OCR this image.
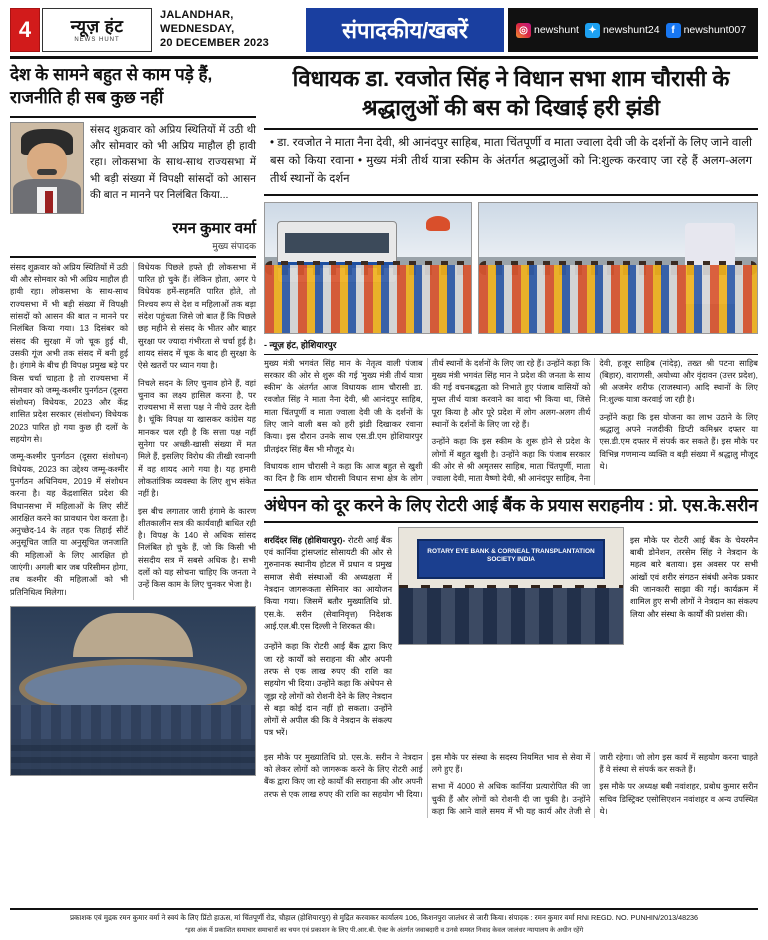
4	न्यूज़ हंट
NEWS HUNT
JALANDHAR, WEDNESDAY,
20 DECEMBER 2023	संपादकीय/खबरें	◎ newshunt ✦ newshunt24	f newshunt007
देश के सामने बहुत से काम पड़े हैं, राजनीति ही सब कुछ नहीं
संसद शुक्रवार को अप्रिय स्थितियों में उठी थी और सोमवार को भी अप्रिय माहौल ही हावी रहा। लोकसभा के साथ-साथ राज्यसभा में भी बड़ी संख्या में विपक्षी सांसदों को आसन की बात न मानने पर निलंबित किया...
रमन कुमार वर्मा
मुख्य संपादक

संसद शुक्रवार को अप्रिय स्थितियों में उठी थी और सोमवार को भी अप्रिय माहौल ही हावी रहा। लोकसभा के साथ-साथ राज्यसभा में भी बड़ी संख्या में विपक्षी सांसदों को आसन की बात न मानने पर निलंबित किया गया। 13 दिसंबर को संसद की सुरक्षा में जो चूक हुई थी, उसकी गूंज अभी तक संसद में बनी हुई है। हंगामे के बीच ही विपक्ष प्रमुख बड़े पर किस चर्चा चाहता है तो राज्यसभा में सोमवार को जम्मू-कश्मीर पुनर्गठन (दूसरा संशोधन) विधेयक, 2023 और केंद्र शासित प्रदेश सरकार (संशोधन) विधेयक 2023 पारित हो गया कुछ ही दलों के सहयोग से।

जम्मू-कश्मीर पुनर्गठन (दूसरा संशोधन) विधेयक, 2023 का उद्देश्य जम्मू-कश्मीर पुनर्गठन अधिनियम, 2019 में संशोधन करना है। यह केंद्रशासित प्रदेश की विधानसभा में महिलाओं के लिए सीटें आरक्षित करने का प्रावधान पेश करता है। अनुच्छेद-14 के तहत एक तिहाई सीटें अनुसूचित जाति या अनुसूचित जनजाति की महिलाओं के लिए आरक्षित हो जाएंगी। अगली बार जब परिसीमन होगा, तब कश्मीर की महिलाओं को भी प्रतिनिधित्व मिलेगा।

विधेयक पिछले हफ्ते ही लोकसभा में पारित हो चुके हैं। लेकिन होता, अगर पे विधेयक हमें-सहमति पारित होते, तो निश्चय रूप से देश व महिलाओं तक बड़ा संदेश पहुंचता जिसे जो बात हैं कि पिछले छह महीने से संसद के भीतर और बाहर सुरक्षा पर ज्यादा गंभीरता से चर्चा हुई है। शायद संसद में चूक के बाद ही सुरक्षा के ऐसे खतरों पर ध्यान गया है।

निचले सदन के लिए चुनाव होने हैं, वहां चुनाव का लक्ष्य हासिल करना है, पर राज्यसभा में सत्ता पक्ष ने नीचे उतर देती है। चूंकि विपक्ष या खासकर कांग्रेस यह मानकर चल रही है कि सत्ता पक्ष नहीं सुनेगा पर अच्छी-खासी संख्या में मत मिले हैं, इसलिए विरोध की तीखी रवानगी में वह शायद आगे गया है। यह हमारी लोकतांत्रिक व्यवस्था के लिए शुभ संकेत नहीं है।

इस बीच लगातार जारी हंगामे के कारण शीतकालीन सत्र की कार्यवाही बाधित रही है। विपक्ष के 140 से अधिक सांसद निलंबित हो चुके हैं, जो कि किसी भी संसदीय सत्र में सबसे अधिक है। सभी दलों को यह सोचना चाहिए कि जनता ने उन्हें किस काम के लिए चुनकर भेजा है।

विधायक डा. रवजोत सिंह ने विधान सभा शाम चौरासी के श्रद्धालुओं की बस को दिखाई हरी झंडी
• डा. रवजोत ने माता नैना देवी, श्री आनंदपुर साहिब, माता चिंतपूर्णी व माता ज्वाला देवी जी के दर्शनों के लिए जाने वाली बस को किया रवाना • मुख्य मंत्री तीर्थ यात्रा स्कीम के अंतर्गत श्रद्धालुओं को नि:शुल्क करवाए जा रहे हैं अलग-अलग तीर्थ स्थानों के दर्शन
- न्यूज़ हंट, होशियारपुर

मुख्य मंत्री भगवंत सिंह मान के नेतृत्व वाली पंजाब सरकार की ओर से शुरू की गई 'मुख्य मंत्री तीर्थ यात्रा स्कीम' के अंतर्गत आज विधायक शाम चौरासी डा. रवजोत सिंह ने माता नैना देवी, श्री आनंदपुर साहिब, माता चिंतपूर्णी व माता ज्वाला देवी जी के दर्शनों के लिए जाने वाली बस को हरी झंडी दिखाकर रवाना किया। इस दौरान उनके साथ एस.डी.एम होशियारपुर प्रीतइंदर सिंह बैंस भी मौजूद थे।

विधायक शाम चौरासी ने कहा कि आज बहुत से खुशी का दिन है कि शाम चौरासी विधान सभा क्षेत्र के लोग तीर्थ स्थानों के दर्शनों के लिए जा रहे हैं। उन्होंने कहा कि मुख्य मंत्री भगवंत सिंह मान ने प्रदेश की जनता के साथ की गई वचनबद्धता को निभाते हुए पंजाब वासियों को मुफ्त तीर्थ यात्रा करवाने का वादा भी किया था, जिसे पूरा किया है और पूरे प्रदेश में लोग अलग-अलग तीर्थ स्थानों के दर्शनों के लिए जा रहे हैं।

उन्होंने कहा कि इस स्कीम के शुरू होने से प्रदेश के लोगों में बहुत खुशी है। उन्होंने कहा कि पंजाब सरकार की ओर से श्री अमृतसर साहिब, माता चिंतपूर्णी, माता ज्वाला देवी, माता वैष्णो देवी, श्री आनंदपुर साहिब, नैना देवी, हजूर साहिब (नांदेड़), तख्त श्री पटना साहिब (बिहार), वाराणसी, अयोध्या और वृंदावन (उत्तर प्रदेश), श्री अजमेर शरीफ (राजस्थान) आदि स्थानों के लिए नि:शुल्क यात्रा करवाई जा रही है।

उन्होंने कहा कि इस योजना का लाभ उठाने के लिए श्रद्धालु अपने नजदीकी डिप्टी कमिश्नर दफ्तर या एस.डी.एम दफ्तर में संपर्क कर सकते हैं। इस मौके पर विभिन्न गणमान्य व्यक्ति व बड़ी संख्या में श्रद्धालु मौजूद थे।

अंधेपन को दूर करने के लिए रोटरी आई बैंक के प्रयास सराहनीय : प्रो. एस.के.सरीन

शरदिंदर सिंह (होशियारपुर)- रोटरी आई बैंक एवं कार्निया ट्रांसप्लांट सोसायटी की ओर से गुरुनानक स्थानीय होटल में प्रधान व प्रमुख समाज सेवी संस्थाओं की अध्यक्षता में नेत्रदान जागरूकता सेमिनार का आयोजन किया गया। जिसमें बतौर मुख्यातिथि प्रो. एस.के. सरीन (सेवानिवृत्त) निदेशक आई.एल.बी.एस दिल्ली ने शिरकत की।

उन्होंने कहा कि रोटरी आई बैंक द्वारा किए जा रहे कार्यों को सराहना की और अपनी तरफ से एक लाख रुपए की राशि का सहयोग भी दिया। उन्होंने कहा कि अंधेपन से जूझ रहे लोगों को रोशनी देने के लिए नेत्रदान से बड़ा कोई दान नहीं हो सकता। उन्होंने लोगों से अपील की कि वे नेत्रदान के संकल्प पत्र भरें।

ROTARY EYE BANK & CORNEAL TRANSPLANTATION SOCIETY INDIA

इस मौके पर रोटरी आई बैंक के चेयरमैन बाबी डोनेशन, तरसेम सिंह ने नेत्रदान के महत्व बारे बताया। इस अवसर पर सभी आंखों एवं शरीर संगठन संबंधी अनेक प्रकार की जानकारी साझा की गई। कार्यक्रम में शामिल हुए सभी लोगों ने नेत्रदान का संकल्प लिया और संस्था के कार्यों की प्रशंसा की।

इस मौके पर मुख्यातिथि प्रो. एस.के. सरीन ने नेत्रदान को लेकर लोगों को जागरूक करने के लिए रोटरी आई बैंक द्वारा किए जा रहे कार्यों की सराहना की और अपनी तरफ से एक लाख रुपए की राशि का सहयोग भी दिया। इस मौके पर संस्था के सदस्य नियमित भाव से सेवा में लगे हुए हैं।

सभा में 4000 से अधिक कार्निया प्रत्यारोपित की जा चुकी हैं और लोगों को रोशनी दी जा चुकी है। उन्होंने कहा कि आने वाले समय में भी यह कार्य और तेजी से जारी रहेगा। जो लोग इस कार्य में सहयोग करना चाहते हैं वे संस्था से संपर्क कर सकते हैं।

इस मौके पर अध्यक्ष बबी नवांशहर, प्रबोध कुमार सरीन सचिव डिस्ट्रिक्ट एसोसिएशन नवांशहर व अन्य उपस्थित थे।

प्रकाशक एवं मुद्रक रमन कुमार वर्मा ने स्वयं के लिए प्रिंटो हाऊस, मां चिंतपूर्णी रोड, चौहाल (होशियारपुर) से मुद्रित करवाकर कार्यालय 106, किशनपुरा जालंधर से जारी किया। संपादक : रमन कुमार वर्मा RNI REGD. NO. PUNHIN/2013/48236
*इस अंक में प्रकाशित समाचार समाचारों का चयन एवं प्रकाशन के लिए पी.आर.बी. ऐक्ट के अंतर्गत जवाबदारी व उनसे समस्त निवाद केवल जालंधर न्यायालय के अधीन रहेंगे
